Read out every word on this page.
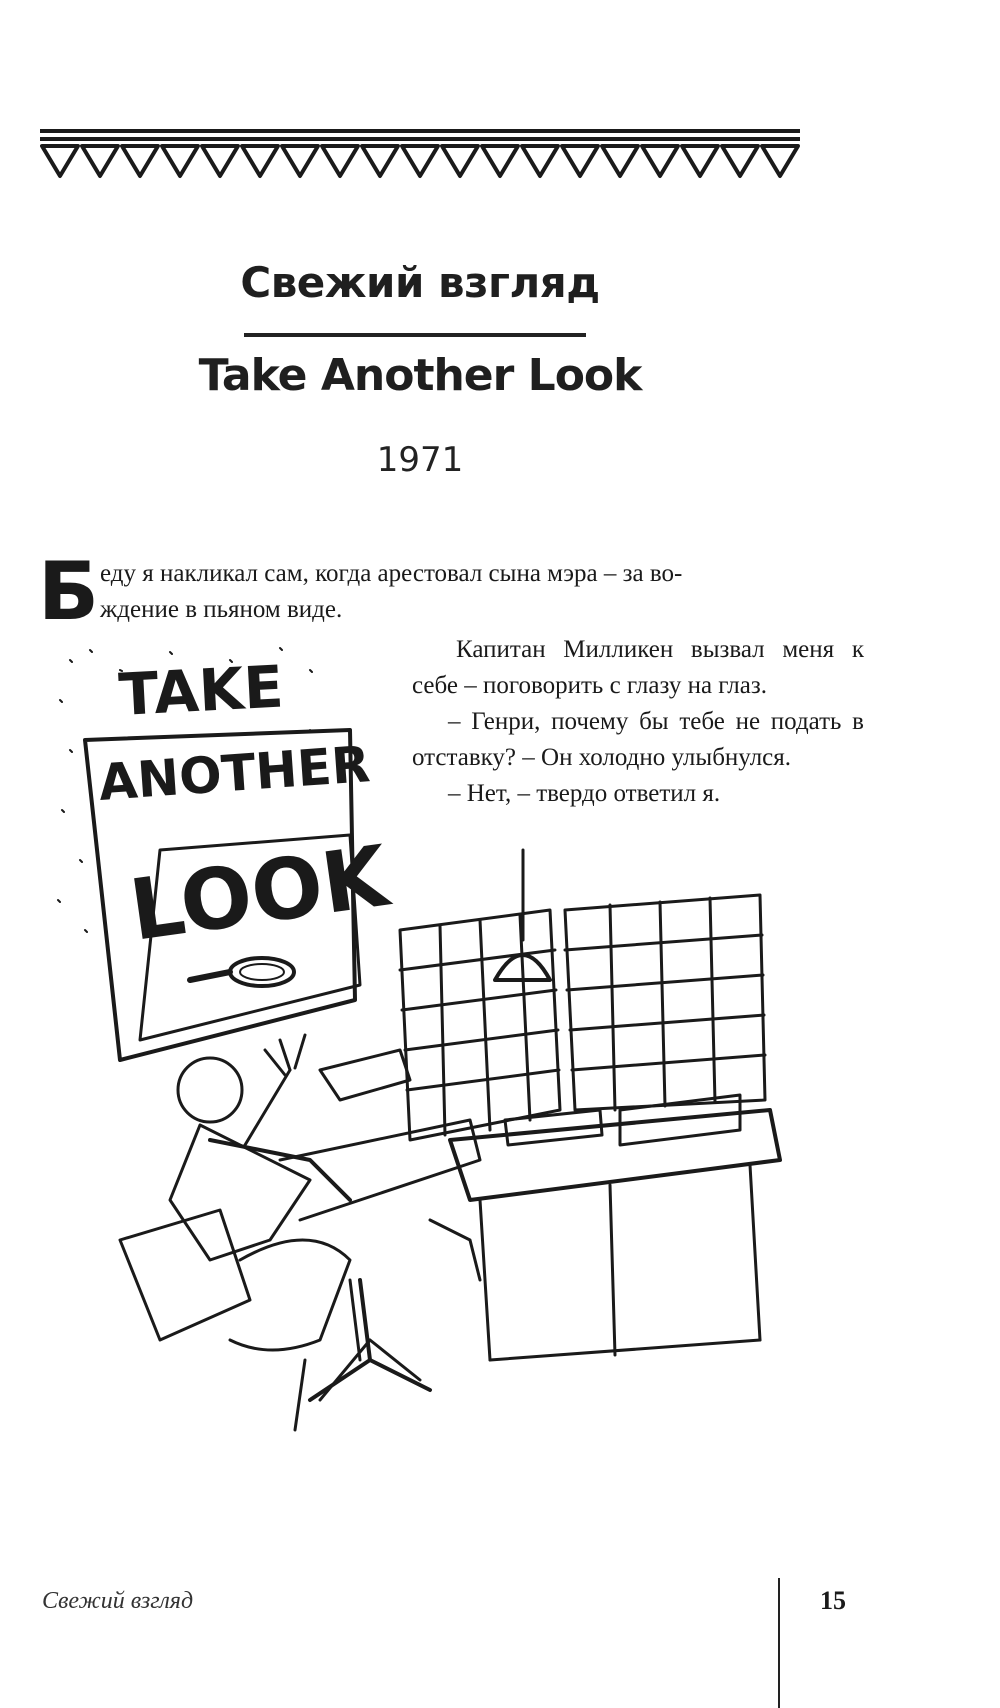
Свежий взгляд
Take Another Look
1971
Б еду я накликал сам, когда арестовал сына мэра – за во-
ждение в пьяном виде.

Капитан Милликен вызвал меня к себе – поговорить с глазу на глаз.

– Генри, почему бы тебе не подать в отставку? – Он холодно улыбнулся.

– Нет, – твердо ответил я.

TAKE
ANOTHER
LOOK
Свежий взгляд	15
